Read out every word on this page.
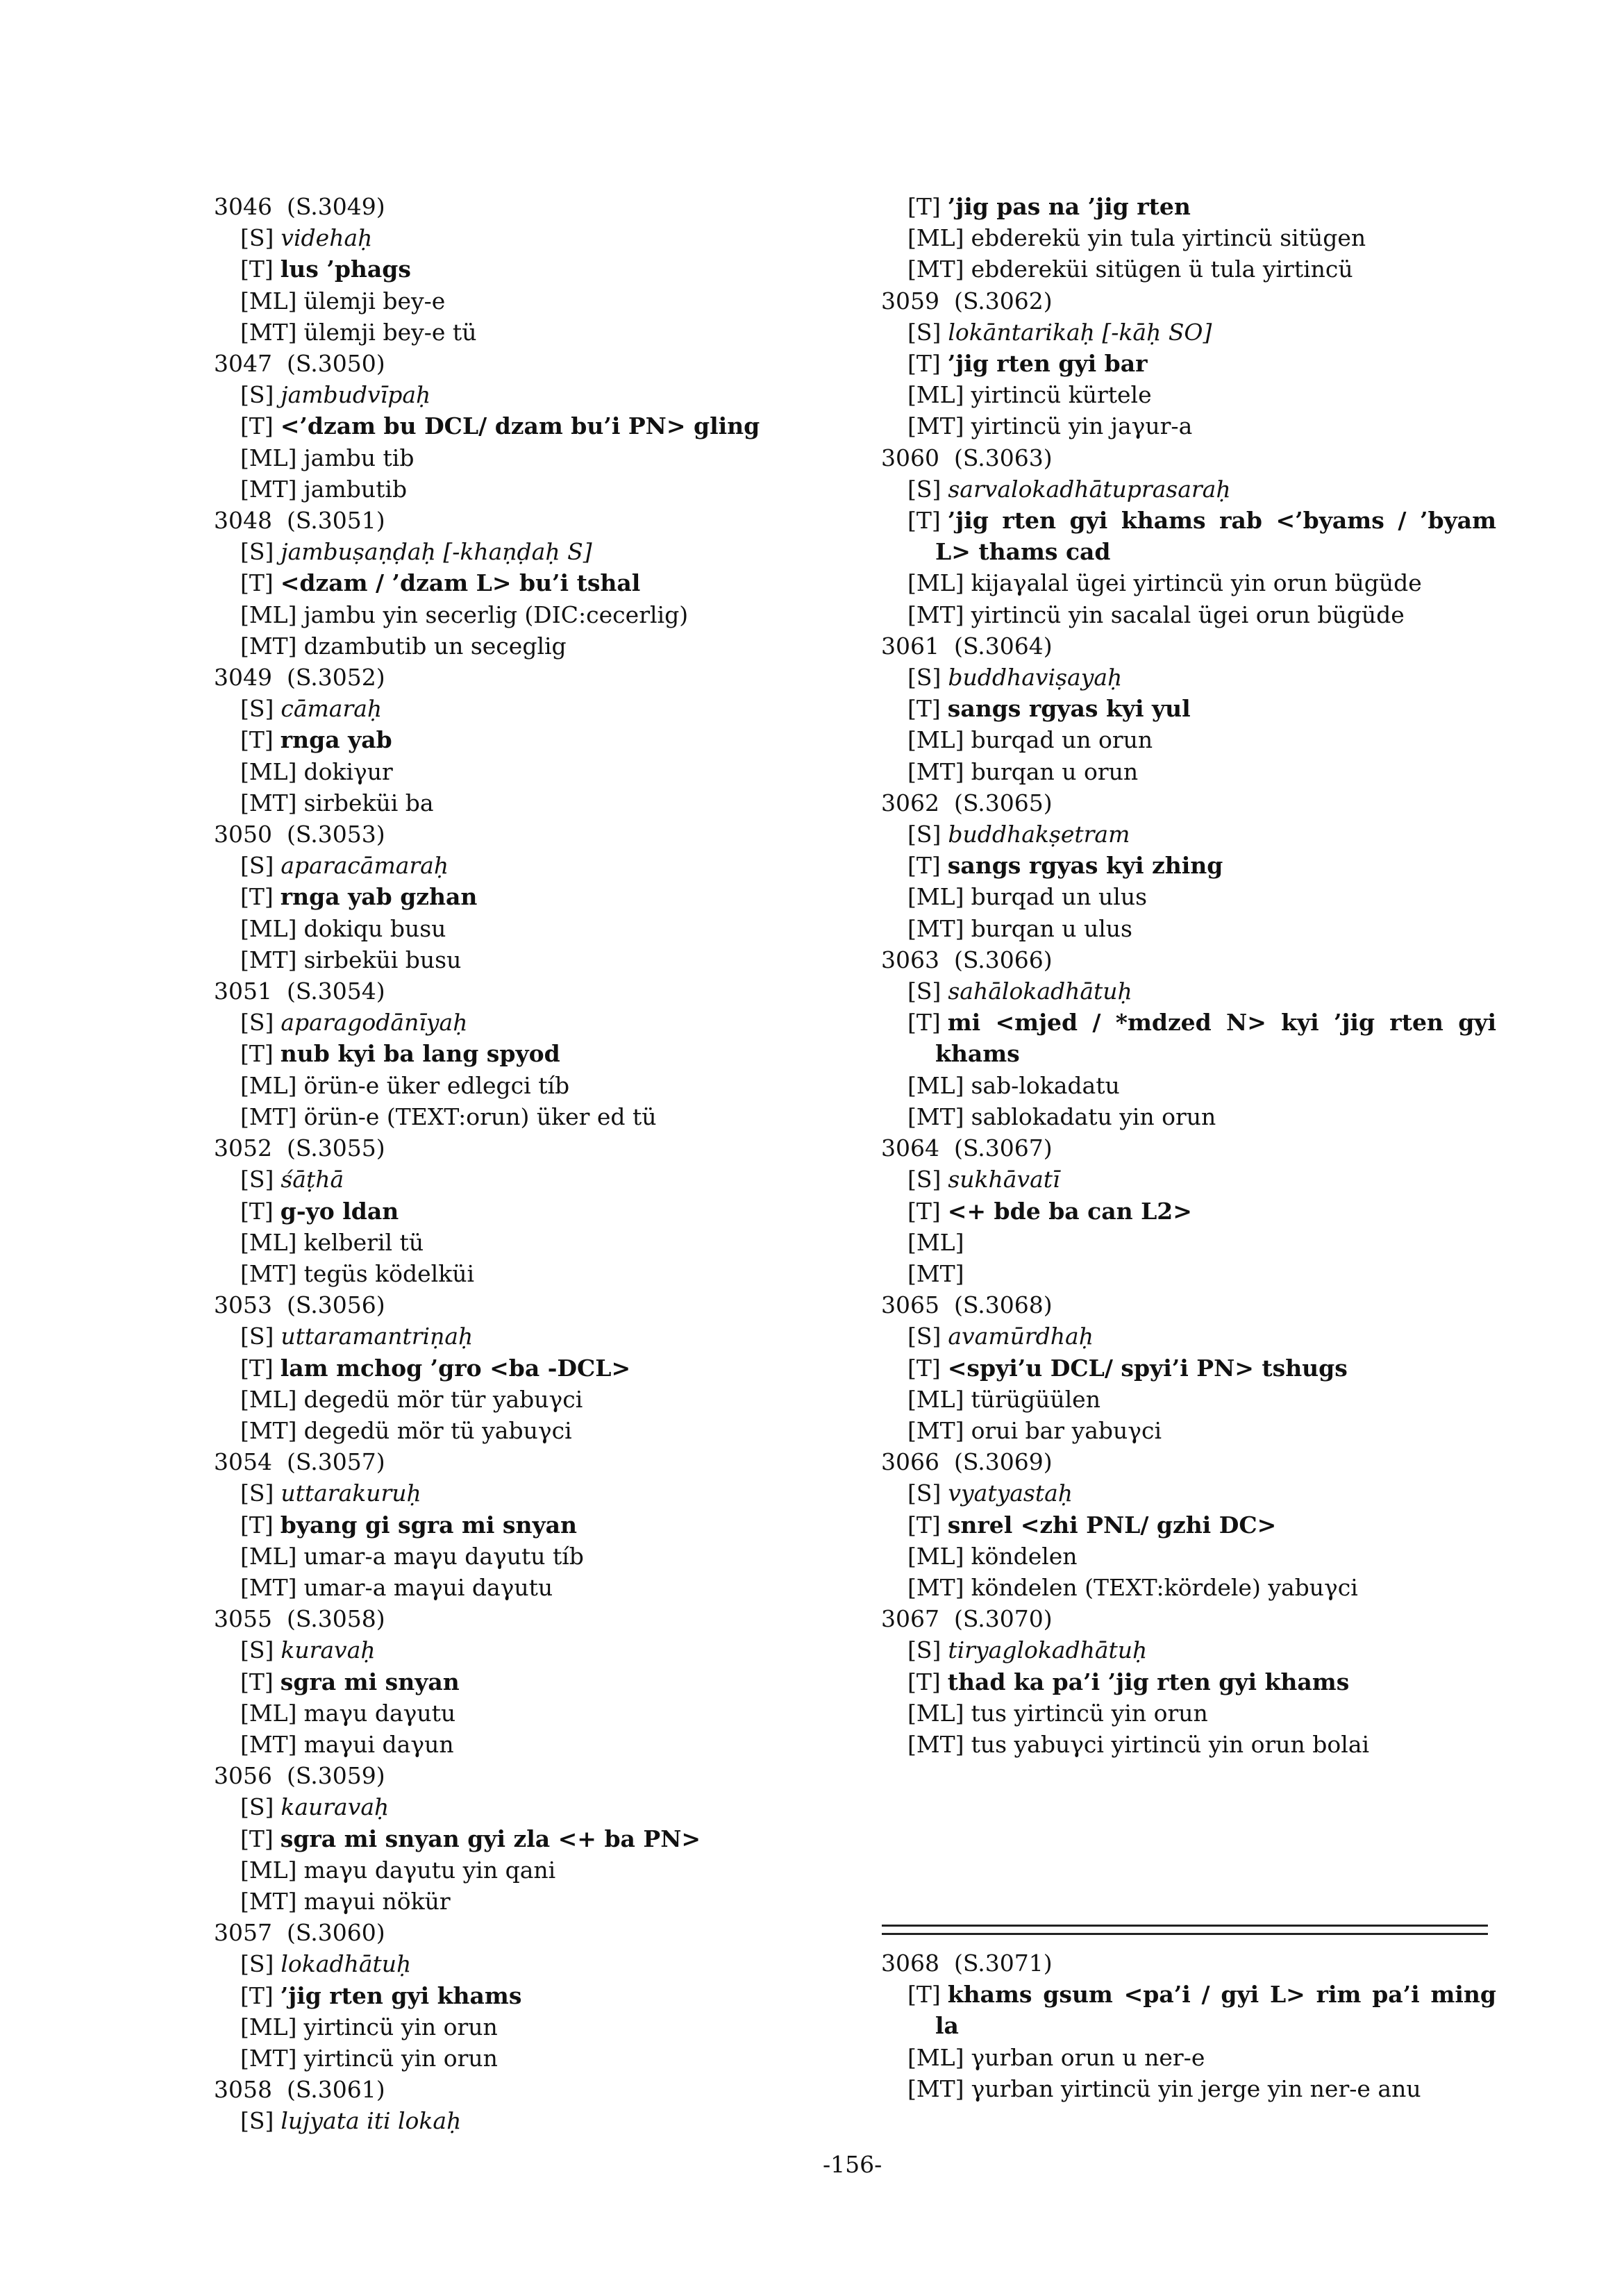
3046 (S.3049)
[S] videhaḥ
[T] lus ’phags
[ML] ülemji bey-e
[MT] ülemji bey-e tü
3047 (S.3050)
[S] jambudvīpaḥ
[T] <’dzam bu DCL/ dzam bu’i PN> gling
[ML] jambu tib
[MT] jambutib
3048 (S.3051)
[S] jambuṣaṇḍaḥ [-khaṇḍaḥ S]
[T] <dzam / ’dzam L> bu’i tshal
[ML] jambu yin secerlig (DIC:cecerlig)
[MT] dzambutib un seceglig
3049 (S.3052)
[S] cāmaraḥ
[T] rnga yab
[ML] dokiγur
[MT] sirbeküi ba
3050 (S.3053)
[S] aparacāmaraḥ
[T] rnga yab gzhan
[ML] dokiqu busu
[MT] sirbeküi busu
3051 (S.3054)
[S] aparagodānīyaḥ
[T] nub kyi ba lang spyod
[ML] örün-e üker edlegci tíb
[MT] örün-e (TEXT:orun) üker ed tü
3052 (S.3055)
[S] śāṭhā
[T] g-yo ldan
[ML] kelberil tü
[MT] tegüs ködelküi
3053 (S.3056)
[S] uttaramantriṇaḥ
[T] lam mchog ’gro <ba -DCL>
[ML] degedü mör tür yabuγci
[MT] degedü mör tü yabuγci
3054 (S.3057)
[S] uttarakuruḥ
[T] byang gi sgra mi snyan
[ML] umar-a maγu daγutu tíb
[MT] umar-a maγui daγutu
3055 (S.3058)
[S] kuravaḥ
[T] sgra mi snyan
[ML] maγu daγutu
[MT] maγui daγun
3056 (S.3059)
[S] kauravaḥ
[T] sgra mi snyan gyi zla <+ ba PN>
[ML] maγu daγutu yin qani
[MT] maγui nökür
3057 (S.3060)
[S] lokadhātuḥ
[T] ’jig rten gyi khams
[ML] yirtincü yin orun
[MT] yirtincü yin orun
3058 (S.3061)
[S] lujyata iti lokaḥ
[T] ’jig pas na ’jig rten
[ML] ebderekü yin tula yirtincü sitügen
[MT] ebdereküi sitügen ü tula yirtincü
3059 (S.3062)
[S] lokāntarikaḥ [-kāḥ SO]
[T] ’jig rten gyi bar
[ML] yirtincü kürtele
[MT] yirtincü yin jaγur-a
3060 (S.3063)
[S] sarvalokadhātuprasaraḥ
[T] ’jig rten gyi khams rab <’byams / ’byam L> thams cad
[ML] kijaγalal ügei yirtincü yin orun bügüde
[MT] yirtincü yin sacalal ügei orun bügüde
3061 (S.3064)
[S] buddhaviṣayaḥ
[T] sangs rgyas kyi yul
[ML] burqad un orun
[MT] burqan u orun
3062 (S.3065)
[S] buddhakṣetram
[T] sangs rgyas kyi zhing
[ML] burqad un ulus
[MT] burqan u ulus
3063 (S.3066)
[S] sahālokadhātuḥ
[T] mi <mjed / *mdzed N> kyi ’jig rten gyi khams
[ML] sab-lokadatu
[MT] sablokadatu yin orun
3064 (S.3067)
[S] sukhāvatī
[T] <+ bde ba can L2>
[ML]
[MT]
3065 (S.3068)
[S] avamūrdhaḥ
[T] <spyi’u DCL/ spyi’i PN> tshugs
[ML] türügüülen
[MT] orui bar yabuγci
3066 (S.3069)
[S] vyatyastaḥ
[T] snrel <zhi PNL/ gzhi DC>
[ML] köndelen
[MT] köndelen (TEXT:kördele) yabuγci
3067 (S.3070)
[S] tiryaglokadhātuḥ
[T] thad ka pa’i ’jig rten gyi khams
[ML] tus yirtincü yin orun
[MT] tus yabuγci yirtincü yin orun bolai
3068 (S.3071)
[T] khams gsum <pa’i / gyi L> rim pa’i ming la
[ML] γurban orun u ner-e
[MT] γurban yirtincü yin jerge yin ner-e anu
-156-
